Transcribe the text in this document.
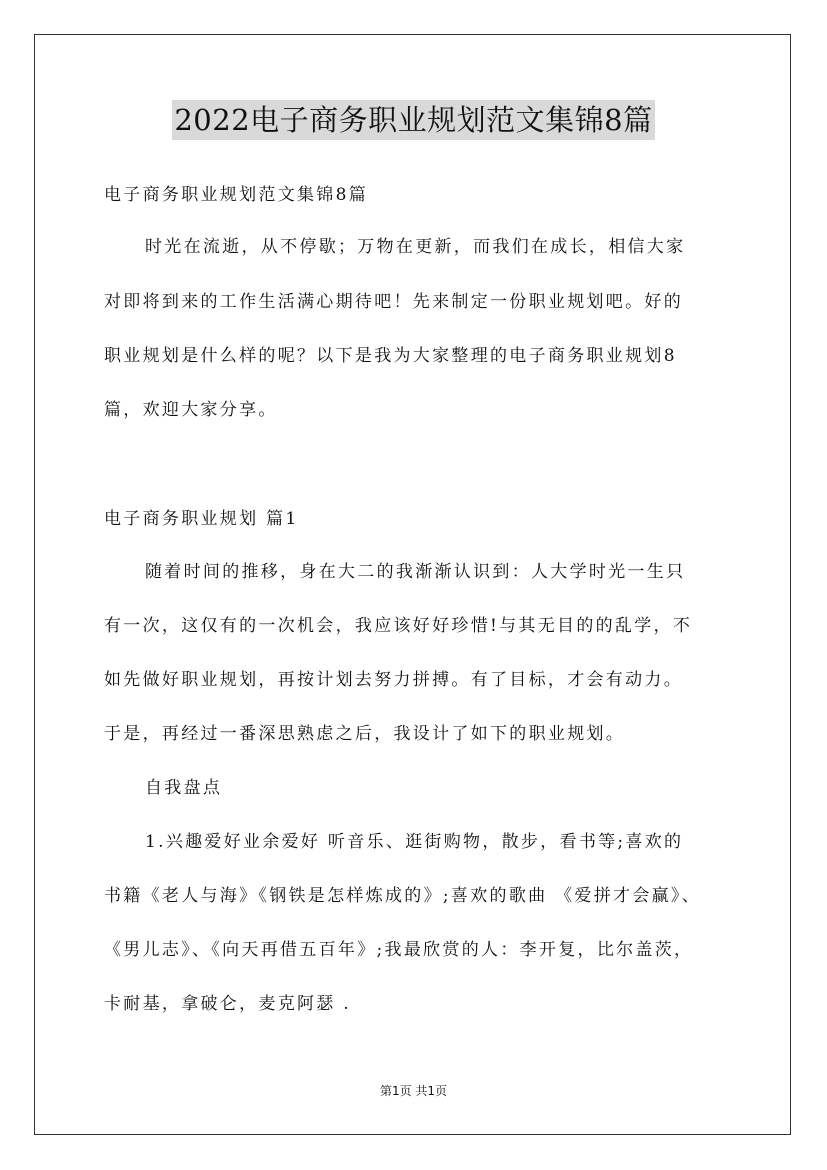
2022电子商务职业规划范文集锦8篇
电子商务职业规划范文集锦8篇
时光在流逝，从不停歇；万物在更新，而我们在成长，相信大家
对即将到来的工作生活满心期待吧！先来制定一份职业规划吧。好的
职业规划是什么样的呢？以下是我为大家整理的电子商务职业规划8
篇，欢迎大家分享。
电子商务职业规划 篇1
随着时间的推移，身在大二的我渐渐认识到：人大学时光一生只
有一次，这仅有的一次机会，我应该好好珍惜!与其无目的的乱学，不
如先做好职业规划，再按计划去努力拼搏。有了目标，才会有动力。
于是，再经过一番深思熟虑之后，我设计了如下的职业规划。
自我盘点
1.兴趣爱好业余爱好 听音乐、逛街购物，散步，看书等;喜欢的
书籍《老人与海》《钢铁是怎样炼成的》;喜欢的歌曲 《爱拼才会赢》、
《男儿志》、《向天再借五百年》;我最欣赏的人：李开复，比尔盖茨，
卡耐基，拿破仑，麦克阿瑟 .
第1页 共1页
